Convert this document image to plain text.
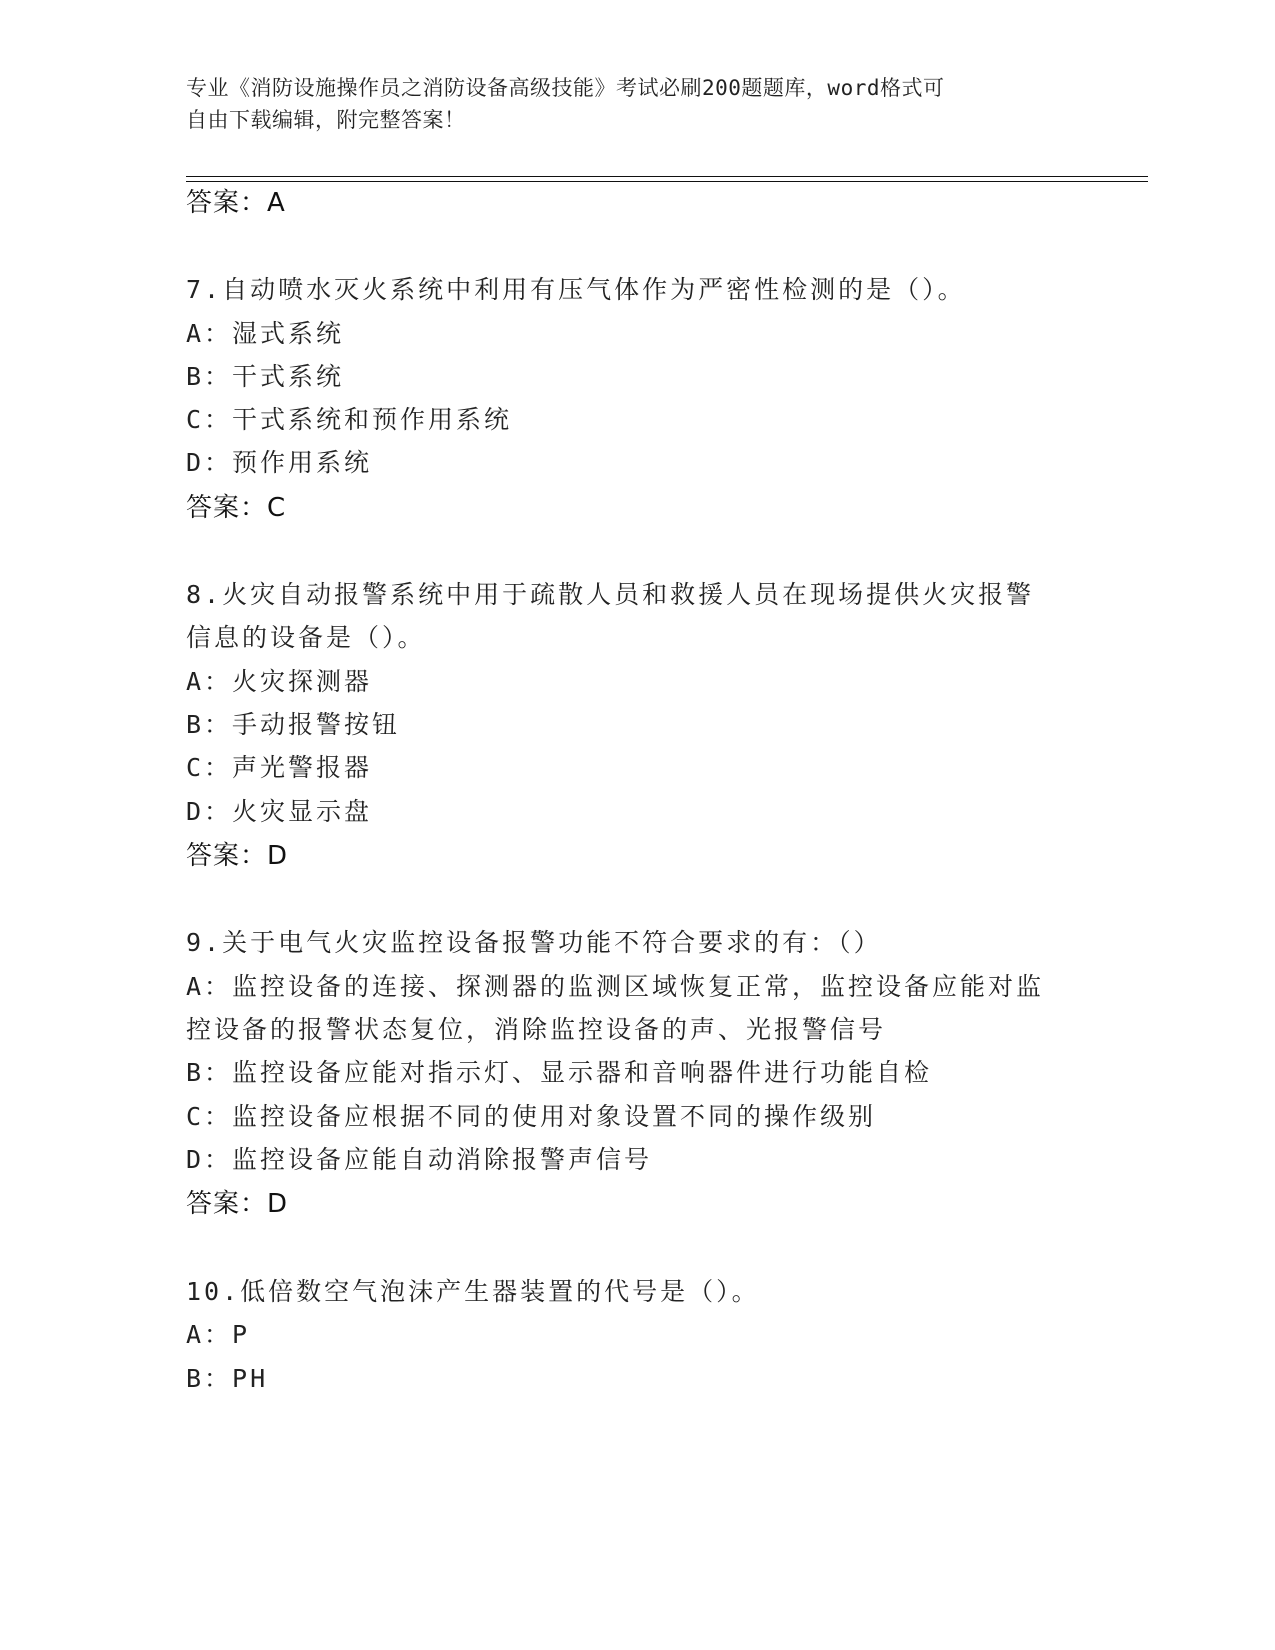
专业《消防设施操作员之消防设备高级技能》考试必刷200题题库，word格式可
自由下载编辑，附完整答案！
答案：A
7.自动喷水灭火系统中利用有压气体作为严密性检测的是（）。
A：湿式系统
B：干式系统
C：干式系统和预作用系统
D：预作用系统
答案：C
8.火灾自动报警系统中用于疏散人员和救援人员在现场提供火灾报警
信息的设备是（）。
A：火灾探测器
B：手动报警按钮
C：声光警报器
D：火灾显示盘
答案：D
9.关于电气火灾监控设备报警功能不符合要求的有：（）
A：监控设备的连接、探测器的监测区域恢复正常，监控设备应能对监
控设备的报警状态复位，消除监控设备的声、光报警信号
B：监控设备应能对指示灯、显示器和音响器件进行功能自检
C：监控设备应根据不同的使用对象设置不同的操作级别
D：监控设备应能自动消除报警声信号
答案：D
10.低倍数空气泡沫产生器装置的代号是（）。
A：P
B：PH
